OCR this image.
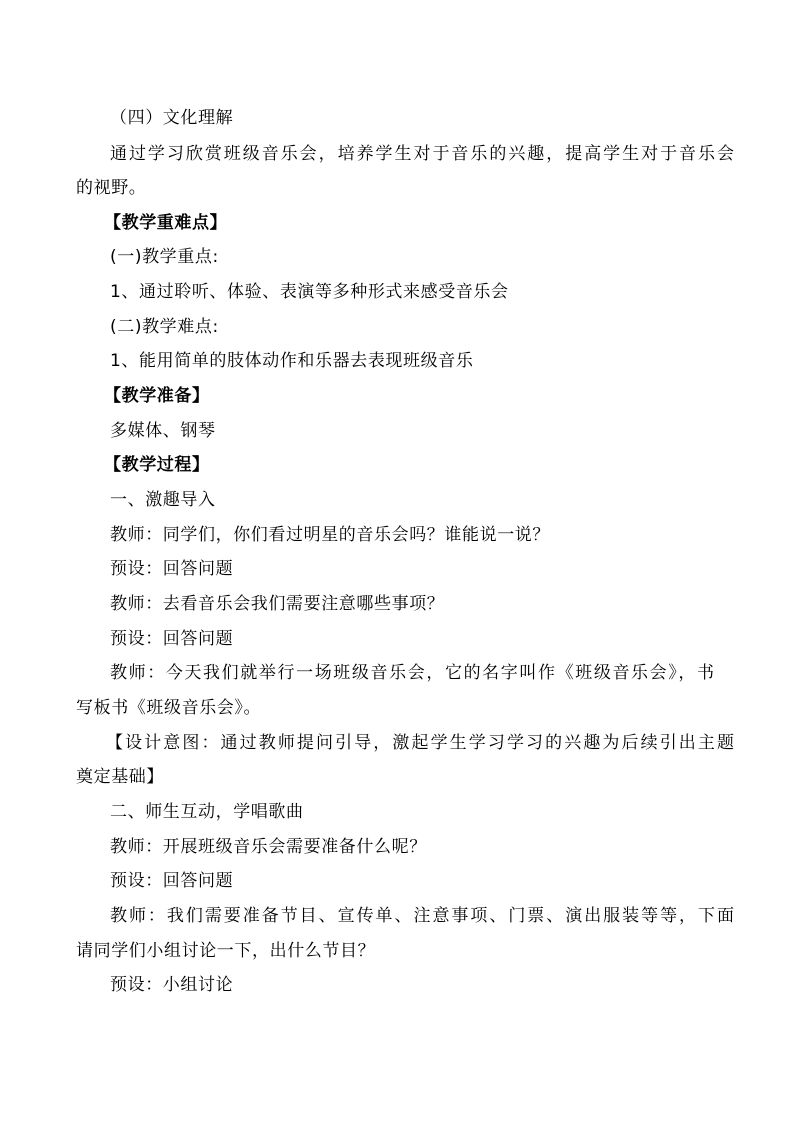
（四）文化理解
通过学习欣赏班级音乐会，培养学生对于音乐的兴趣，提高学生对于音乐会
的视野。
【教学重难点】
(一)教学重点:
1、通过聆听、体验、表演等多种形式来感受音乐会
(二)教学难点:
1、能用简单的肢体动作和乐器去表现班级音乐
【教学准备】
多媒体、钢琴
【教学过程】
一、激趣导入
教师：同学们，你们看过明星的音乐会吗？谁能说一说？
预设：回答问题
教师：去看音乐会我们需要注意哪些事项？
预设：回答问题
教师：今天我们就举行一场班级音乐会，它的名字叫作《班级音乐会》，书
写板书《班级音乐会》。
【设计意图：通过教师提问引导，激起学生学习学习的兴趣为后续引出主题
奠定基础】
二、师生互动，学唱歌曲
教师：开展班级音乐会需要准备什么呢？
预设：回答问题
教师：我们需要准备节目、宣传单、注意事项、门票、演出服装等等，下面
请同学们小组讨论一下，出什么节目？
预设：小组讨论
